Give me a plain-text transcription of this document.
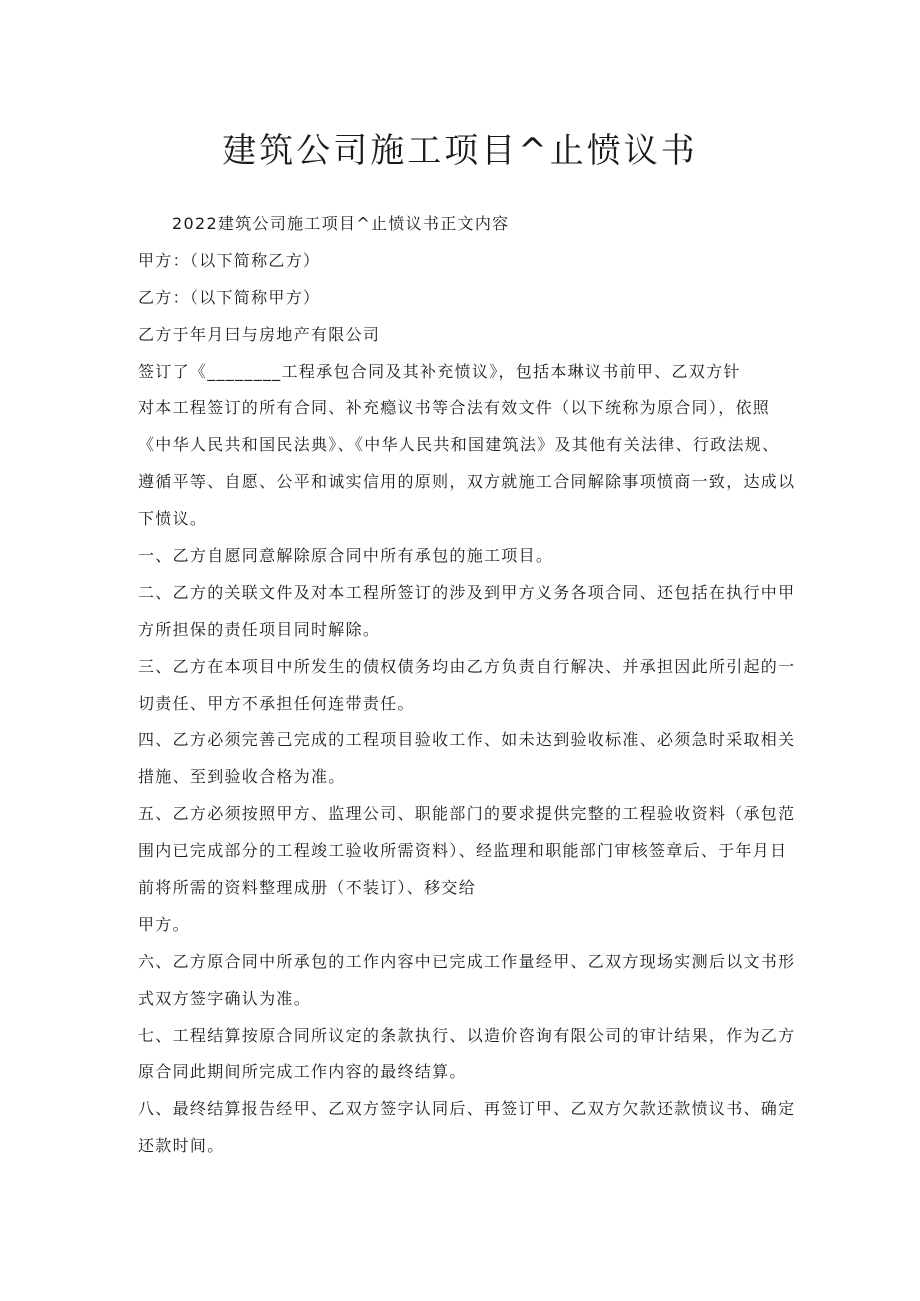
建筑公司施工项目^止愤议书

2022建筑公司施工项目^止愤议书正文内容

甲方：（以下简称乙方）

乙方：（以下简称甲方）

乙方于年月曰与房地产有限公司

签订了《________工程承包合同及其补充愤议》，包括本琳议书前甲、乙双方针

对本工程签订的所有合同、补充瘾议书等合法有效文件（以下统称为原合同），依照

《中华人民共和国民法典》、《中华人民共和国建筑法》及其他有关法律、行政法规、

遵循平等、自愿、公平和诚实信用的原则，双方就施工合同解除事项愤商一致，达成以

下愤议。

一、乙方自愿同意解除原合同中所有承包的施工项目。

二、乙方的关联文件及对本工程所签订的涉及到甲方义务各项合同、还包括在执行中甲

方所担保的责任项目同时解除。

三、乙方在本项目中所发生的债权债务均由乙方负责自行解决、并承担因此所引起的一

切责任、甲方不承担任何连带责任。

四、乙方必须完善己完成的工程项目验收工作、如未达到验收标准、必须急时采取相关

措施、至到验收合格为准。

五、乙方必须按照甲方、监理公司、职能部门的要求提供完整的工程验收资料（承包范

围内已完成部分的工程竣工验收所需资料）、经监理和职能部门审核签章后、于年月日

前将所需的资料整理成册（不装订）、移交给

甲方。

六、乙方原合同中所承包的工作内容中已完成工作量经甲、乙双方现场实测后以文书形

式双方签字确认为准。

七、工程结算按原合同所议定的条款执行、以造价咨询有限公司的审计结果，作为乙方

原合同此期间所完成工作内容的最终结算。

八、最终结算报告经甲、乙双方签字认同后、再签订甲、乙双方欠款还款愤议书、确定

还款时间。
